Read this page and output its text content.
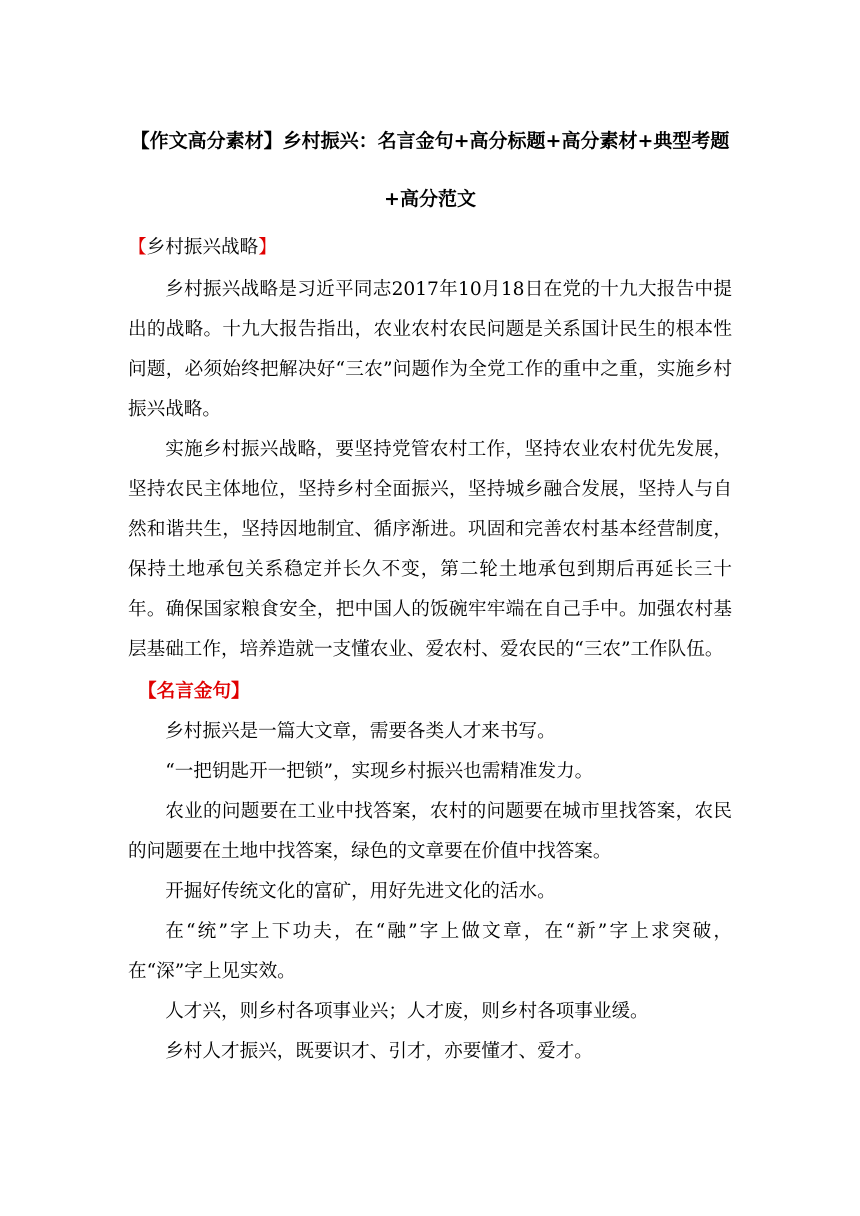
【作文高分素材】乡村振兴：名言金句+高分标题+高分素材+典型考题+高分范文
【乡村振兴战略】

乡村振兴战略是习近平同志2017年10月18日在党的十九大报告中提出的战略。十九大报告指出，农业农村农民问题是关系国计民生的根本性问题，必须始终把解决好“三农”问题作为全党工作的重中之重，实施乡村振兴战略。

实施乡村振兴战略，要坚持党管农村工作，坚持农业农村优先发展，坚持农民主体地位，坚持乡村全面振兴，坚持城乡融合发展，坚持人与自然和谐共生，坚持因地制宜、循序渐进。巩固和完善农村基本经营制度，保持土地承包关系稳定并长久不变，第二轮土地承包到期后再延长三十年。确保国家粮食安全，把中国人的饭碗牢牢端在自己手中。加强农村基层基础工作，培养造就一支懂农业、爱农村、爱农民的“三农”工作队伍。

【名言金句】

乡村振兴是一篇大文章，需要各类人才来书写。

“一把钥匙开一把锁”，实现乡村振兴也需精准发力。

农业的问题要在工业中找答案，农村的问题要在城市里找答案，农民的问题要在土地中找答案，绿色的文章要在价值中找答案。

开掘好传统文化的富矿，用好先进文化的活水。

在“统”字上下功夫，在“融”字上做文章，在“新”字上求突破，在“深”字上见实效。

人才兴，则乡村各项事业兴；人才废，则乡村各项事业缓。

乡村人才振兴，既要识才、引才，亦要懂才、爱才。
